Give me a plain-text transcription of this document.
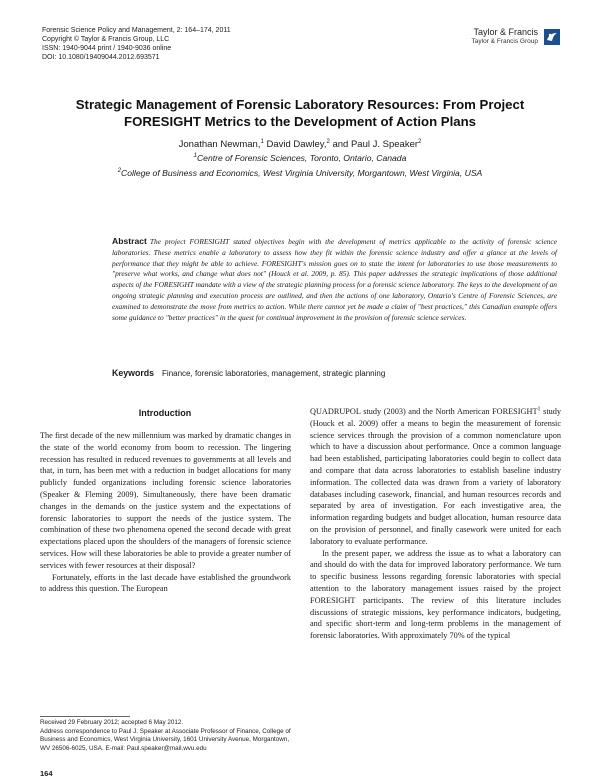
Forensic Science Policy and Management, 2: 164–174, 2011
Copyright © Taylor & Francis Group, LLC
ISSN: 1940-9044 print / 1940-9036 online
DOI: 10.1080/19409044.2012.693571
Taylor & Francis
Taylor & Francis Group
Strategic Management of Forensic Laboratory Resources: From Project
FORESIGHT Metrics to the Development of Action Plans
Jonathan Newman,$^1$ David Dawley,$^2$ and Paul J. Speaker$^2$
$^1$Centre of Forensic Sciences, Toronto, Ontario, Canada
$^2$College of Business and Economics, West Virginia University, Morgantown, West Virginia, USA
Abstract The project FORESIGHT stated objectives begin with the development of metrics applicable to the activity of forensic science laboratories. These metrics enable a laboratory to assess how they fit within the forensic science industry and offer a glance at the levels of performance that they might be able to achieve. FORESIGHT's mission goes on to state the intent for laboratories to use those measurements to "preserve what works, and change what does not" (Houck et al. 2009, p. 85). This paper addresses the strategic implications of those additional aspects of the FORESIGHT mandate with a view of the strategic planning process for a forensic science laboratory. The keys to the development of an ongoing strategic planning and execution process are outlined, and then the actions of one laboratory, Ontario's Centre of Forensic Sciences, are examined to demonstrate the move from metrics to action. While there cannot yet be made a claim of "best practices," this Canadian example offers some guidance to "better practices" in the quest for continual improvement in the provision of forensic science services.
Keywords Finance, forensic laboratories, management, strategic planning
Introduction

The first decade of the new millennium was marked by dramatic changes in the state of the world economy from boom to recession. The lingering recession has resulted in reduced revenues to governments at all levels and that, in turn, has been met with a reduction in budget allocations for many publicly funded organizations including forensic science laboratories (Speaker & Fleming 2009). Simultaneously, there have been dramatic changes in the demands on the justice system and the expectations of forensic laboratories to support the needs of the justice system. The combination of these two phenomena opened the second decade with great expectations placed upon the shoulders of the managers of forensic science services. How will these laboratories be able to provide a greater number of services with fewer resources at their disposal?

Fortunately, efforts in the last decade have established the groundwork to address this question. The European

QUADRUPOL study (2003) and the North American FORESIGHT$^1$ study (Houck et al. 2009) offer a means to begin the measurement of forensic science services through the provision of a common nomenclature upon which to have a discussion about performance. Once a common language had been established, participating laboratories could begin to collect data and compare that data across laboratories to establish baseline industry information. The collected data was drawn from a variety of laboratory databases including casework, financial, and human resources records and separated by area of investigation. For each investigative area, the information regarding budgets and budget allocation, human resource data on the provision of personnel, and finally casework were united for each laboratory to evaluate performance.

In the present paper, we address the issue as to what a laboratory can and should do with the data for improved laboratory performance. We turn to specific business lessons regarding forensic laboratories with special attention to the laboratory management issues raised by the project FORESIGHT participants. The review of this literature includes discussions of strategic missions, key performance indicators, budgeting, and specific short-term and long-term problems in the management of forensic laboratories. With approximately 70% of the typical

Received 29 February 2012; accepted 6 May 2012.
Address correspondence to Paul J. Speaker at Associate Professor of Finance, College of Business and Economics, West Virginia University, 1601 University Avenue, Morgantown, WV 26506-6025, USA. E-mail: Paul.speaker@mail.wvu.edu
164
